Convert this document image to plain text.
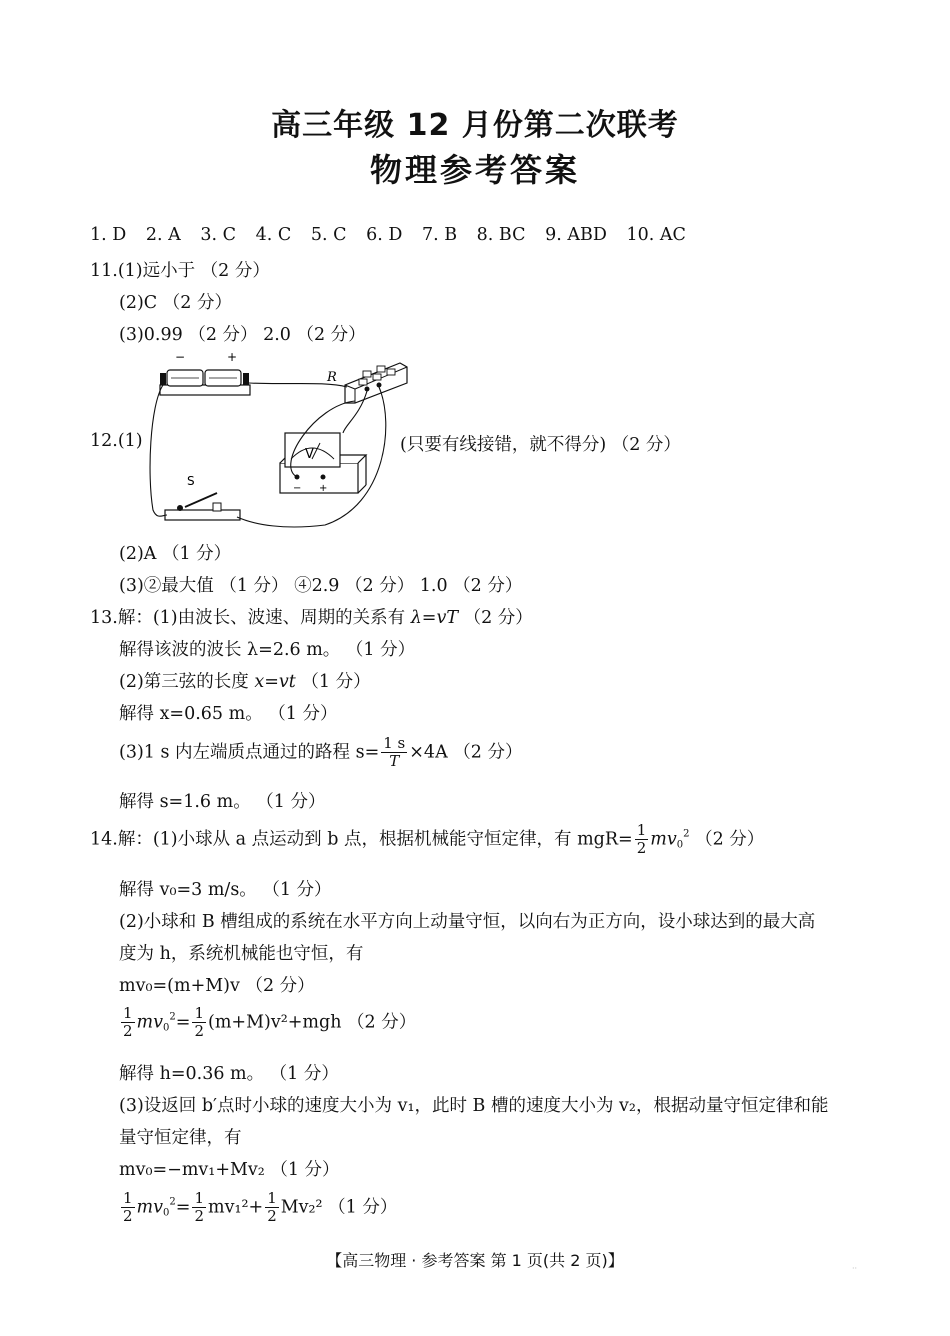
高三年级 12 月份第二次联考
物理参考答案
1. D 2. A 3. C 4. C 5. C 6. D 7. B 8. BC 9. ABD 10. AC
11.(1)远小于 （2 分）
(2)C （2 分）
(3)0.99 （2 分） 2.0 （2 分）
12.(1)	(只要有线接错，就不得分) （2 分）
−	+
R
V
− +
S
(2)A （1 分）
(3)②最大值 （1 分） ④2.9 （2 分） 1.0 （2 分）
13.解：(1)由波长、波速、周期的关系有 λ=vT （2 分）
解得该波的波长 λ=2.6 m。 （1 分）
(2)第三弦的长度 x=vt （1 分）
解得 x=0.65 m。 （1 分）
(3)1 s 内左端质点通过的路程 $s= \frac{1 s}{T} \times 4A$ （2 分）
解得 s=1.6 m。 （1 分）
14.解：(1)小球从 a 点运动到 b 点，根据机械能守恒定律，有 $mgR= \frac{1}{2} mv_0^2$ （2 分）
解得 v₀=3 m/s。 （1 分）
(2)小球和 B 槽组成的系统在水平方向上动量守恒，以向右为正方向，设小球达到的最大高
度为 h，系统机械能也守恒，有
mv₀=(m+M)v （2 分）
$\frac{1}{2} mv_0^2= \frac{1}{2} (m+M)v^2+mgh$ （2 分）
解得 h=0.36 m。 （1 分）
(3)设返回 b′点时小球的速度大小为 v₁，此时 B 槽的速度大小为 v₂，根据动量守恒定律和能
量守恒定律，有
mv₀=−mv₁+Mv₂ （1 分）
$\frac{1}{2} mv_0^2= \frac{1}{2} mv_1^2+ \frac{1}{2} Mv_2^2$ （1 分）
【高三物理 · 参考答案 第 1 页(共 2 页)】	··
